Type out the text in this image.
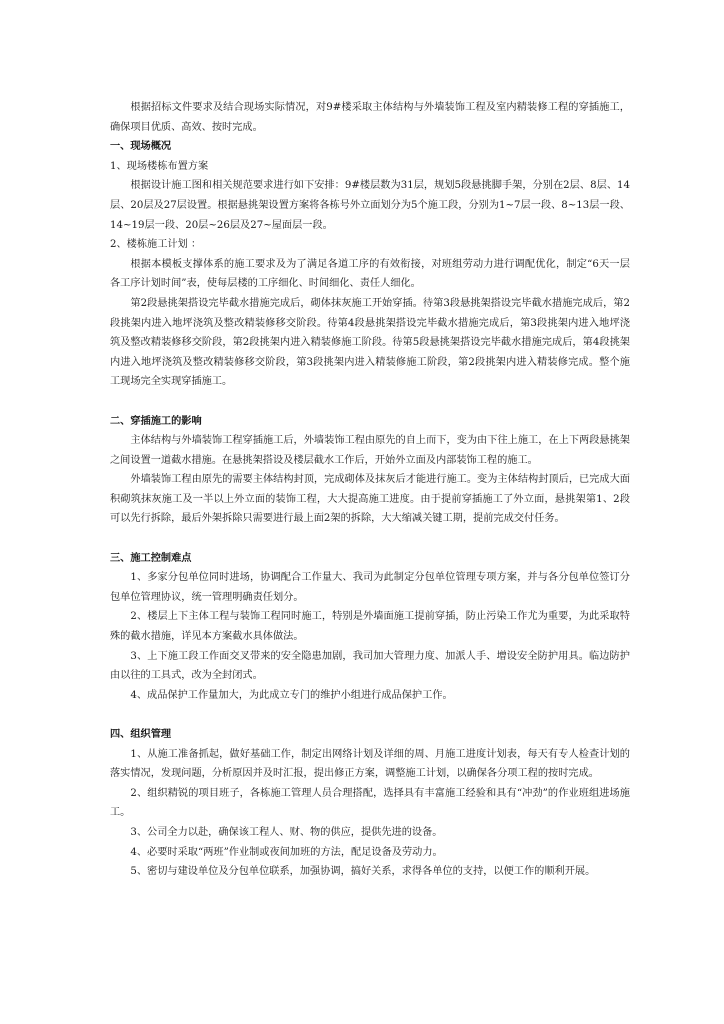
根据招标文件要求及结合现场实际情况，对9#楼采取主体结构与外墙装饰工程及室内精装修工程的穿插施工，确保项目优质、高效、按时完成。

一、现场概况

1、现场楼栋布置方案

根据设计施工图和相关规范要求进行如下安排：9#楼层数为31层，规划5段悬挑脚手架，分别在2层、8层、14层、20层及27层设置。根据悬挑架设置方案将各栋号外立面划分为5个施工段，分别为1~7层一段、8~13层一段、14~19层一段、20层~26层及27~屋面层一段。

2、楼栋施工计划 ：

根据本模板支撑体系的施工要求及为了满足各道工序的有效衔接，对班组劳动力进行调配优化，制定“6天一层各工序计划时间”表，使每层楼的工序细化、时间细化、责任人细化。

第2段悬挑架搭设完毕截水措施完成后，砌体抹灰施工开始穿插。待第3段悬挑架搭设完毕截水措施完成后，第2段挑架内进入地坪浇筑及整改精装修移交阶段。待第4段悬挑架搭设完毕截水措施完成后，第3段挑架内进入地坪浇筑及整改精装修移交阶段，第2段挑架内进入精装修施工阶段。待第5段悬挑架搭设完毕截水措施完成后，第4段挑架内进入地坪浇筑及整改精装修移交阶段，第3段挑架内进入精装修施工阶段，第2段挑架内进入精装修完成。整个施工现场完全实现穿插施工。

二、穿插施工的影响

主体结构与外墙装饰工程穿插施工后，外墙装饰工程由原先的自上而下，变为由下往上施工，在上下两段悬挑架之间设置一道截水措施。在悬挑架搭设及楼层截水工作后，开始外立面及内部装饰工程的施工。

外墙装饰工程由原先的需要主体结构封顶，完成砌体及抹灰后才能进行施工。变为主体结构封顶后，已完成大面积砌筑抹灰施工及一半以上外立面的装饰工程，大大提高施工进度。由于提前穿插施工了外立面，悬挑架第1、2段可以先行拆除，最后外架拆除只需要进行最上面2架的拆除，大大缩减关键工期，提前完成交付任务。

三、施工控制难点

1、多家分包单位同时进场，协调配合工作量大、我司为此制定分包单位管理专项方案，并与各分包单位签订分包单位管理协议，统一管理明确责任划分。

2、楼层上下主体工程与装饰工程同时施工，特别是外墙面施工提前穿插，防止污染工作尤为重要，为此采取特殊的截水措施，详见本方案截水具体做法。

3、上下施工段工作面交叉带来的安全隐患加剧，我司加大管理力度、加派人手、增设安全防护用具。临边防护由以往的工具式，改为全封闭式。

4、成品保护工作量加大，为此成立专门的维护小组进行成品保护工作。

四、组织管理

1、从施工准备抓起，做好基础工作，制定出网络计划及详细的周、月施工进度计划表，每天有专人检查计划的落实情况，发现问题，分析原因并及时汇报，提出修正方案，调整施工计划，以确保各分项工程的按时完成。

2、组织精锐的项目班子，各栋施工管理人员合理搭配，选择具有丰富施工经验和具有“冲劲”的作业班组进场施工。

3、公司全力以赴，确保该工程人、财、物的供应，提供先进的设备。

4、必要时采取“两班”作业制或夜间加班的方法，配足设备及劳动力。

5、密切与建设单位及分包单位联系，加强协调，搞好关系，求得各单位的支持，以便工作的顺利开展。
